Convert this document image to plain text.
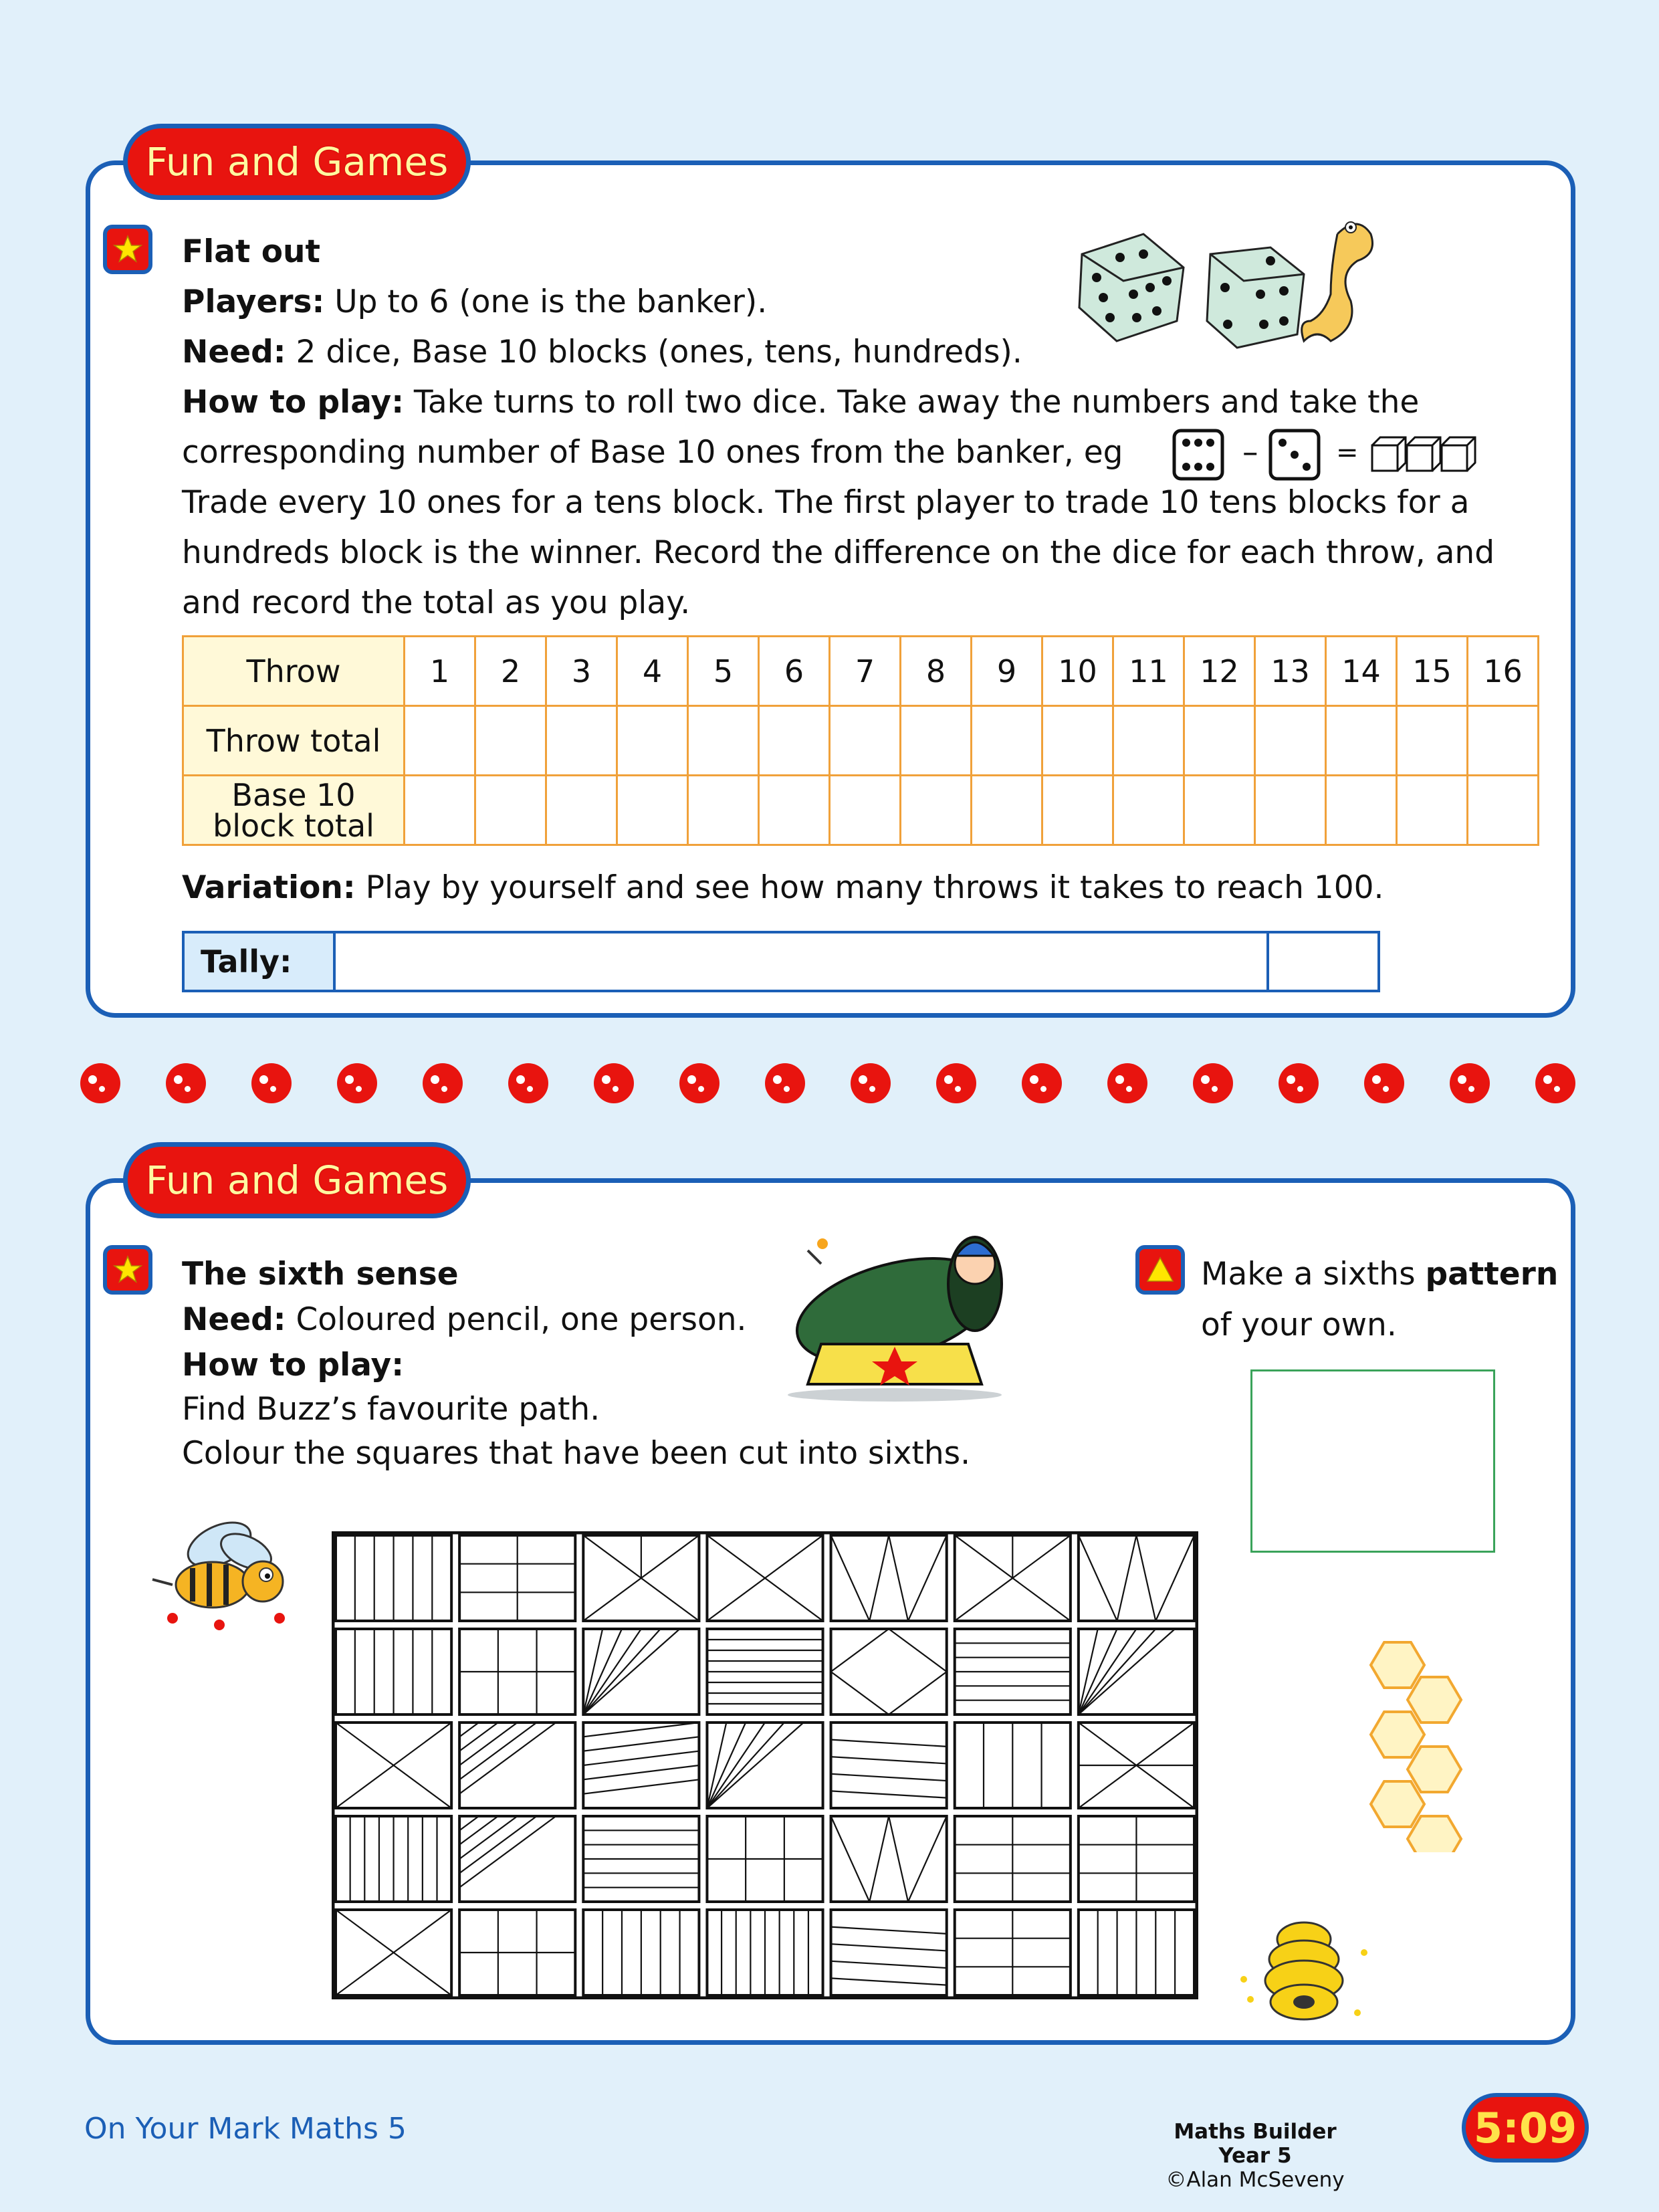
Fun and Games
Flat out
Players: Up to 6 (one is the banker).
Need: 2 dice, Base 10 blocks (ones, tens, hundreds).
How to play: Take turns to roll two dice. Take away the numbers and take the
corresponding number of Base 10 ones from the banker, eg	–	=
Trade every 10 ones for a tens block. The first player to trade 10 tens blocks for a
hundreds block is the winner. Record the difference on the dice for each throw, and
and record the total as you play.
Throw	1	2	3	4	5	6	7	8	9	10	11	12	13	14	15	16
Throw total																
Base 10
block total																
Variation: Play by yourself and see how many throws it takes to reach 100.
Tally:
Fun and Games
The sixth sense
Need: Coloured pencil, one person.
How to play:
Find Buzz’s favourite path.
Colour the squares that have been cut into sixths.
Make a sixths pattern
of your own.
On Your Mark Maths 5	Maths Builder Year 5
©Alan McSeveny
5:09
